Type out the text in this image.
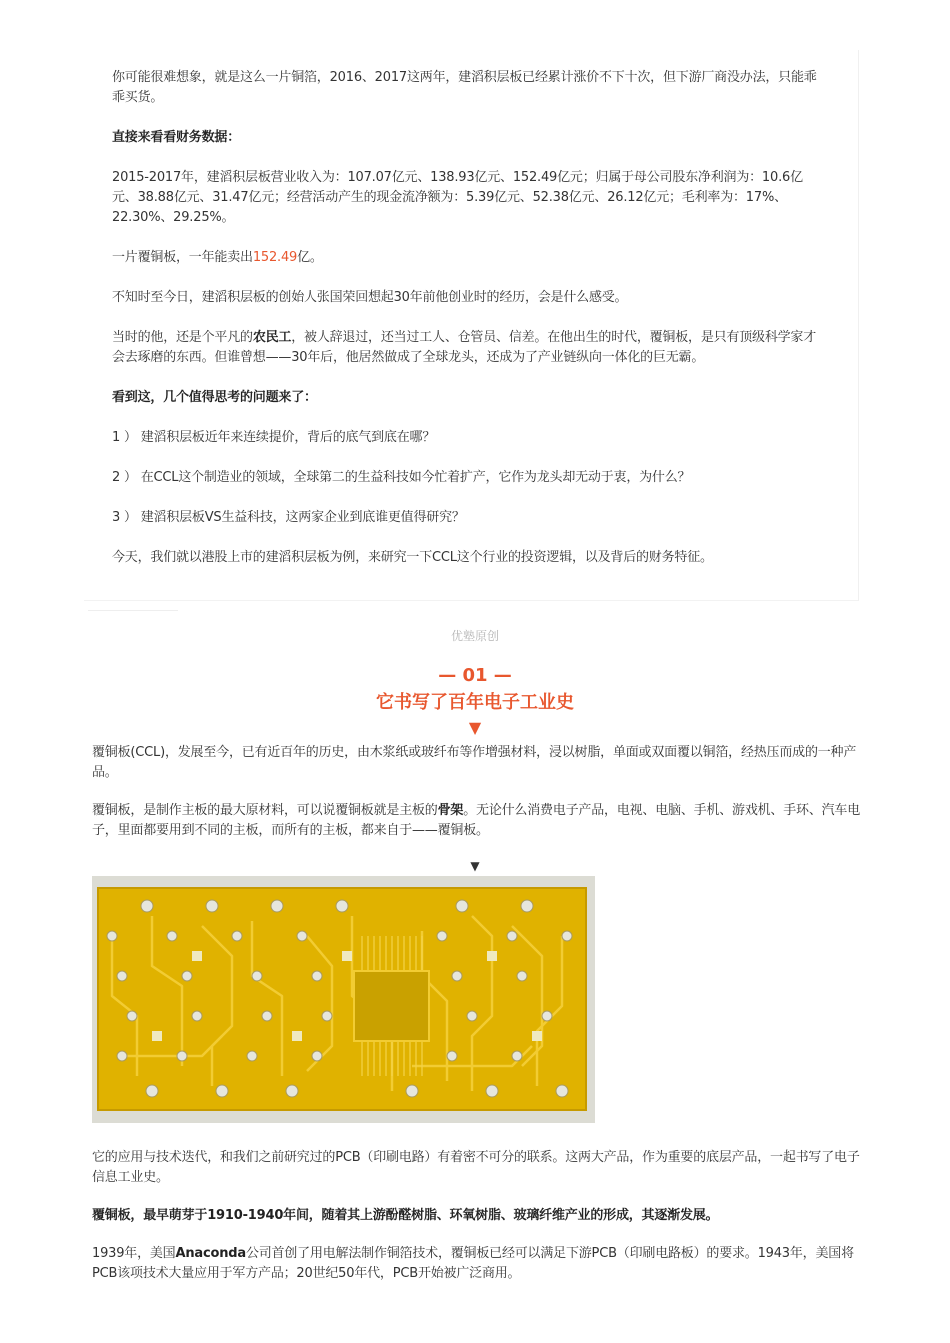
你可能很难想象，就是这么一片铜箔，2016、2017这两年，建滔积层板已经累计涨价不下十次，但下游厂商没办法，只能乖乖买货。

直接来看看财务数据：

2015-2017年，建滔积层板营业收入为：107.07亿元、138.93亿元、152.49亿元；归属于母公司股东净利润为：10.6亿元、38.88亿元、31.47亿元；经营活动产生的现金流净额为：5.39亿元、52.38亿元、26.12亿元；毛利率为：17%、22.30%、29.25%。

一片覆铜板，一年能卖出152.49亿。

不知时至今日，建滔积层板的创始人张国荣回想起30年前他创业时的经历，会是什么感受。

当时的他，还是个平凡的农民工，被人辞退过，还当过工人、仓管员、信差。在他出生的时代，覆铜板，是只有顶级科学家才会去琢磨的东西。但谁曾想——30年后，他居然做成了全球龙头，还成为了产业链纵向一体化的巨无霸。

看到这，几个值得思考的问题来了：

1 ） 建滔积层板近年来连续提价，背后的底气到底在哪？

2 ） 在CCL这个制造业的领域，全球第二的生益科技如今忙着扩产，它作为龙头却无动于衷，为什么？

3 ） 建滔积层板VS生益科技，这两家企业到底谁更值得研究？

今天，我们就以港股上市的建滔积层板为例，来研究一下CCL这个行业的投资逻辑，以及背后的财务特征。

优塾原创
— 01 —
它书写了百年电子工业史
▼

覆铜板(CCL)，发展至今，已有近百年的历史，由木浆纸或玻纤布等作增强材料，浸以树脂，单面或双面覆以铜箔，经热压而成的一种产品。

覆铜板，是制作主板的最大原材料，可以说覆铜板就是主板的骨架。无论什么消费电子产品，电视、电脑、手机、游戏机、手环、汽车电子，里面都要用到不同的主板，而所有的主板，都来自于——覆铜板。

它的应用与技术迭代，和我们之前研究过的PCB（印刷电路）有着密不可分的联系。这两大产品，作为重要的底层产品，一起书写了电子信息工业史。

覆铜板，最早萌芽于1910-1940年间，随着其上游酚醛树脂、环氧树脂、玻璃纤维产业的形成，其逐渐发展。

1939年，美国Anaconda公司首创了用电解法制作铜箔技术，覆铜板已经可以满足下游PCB（印刷电路板）的要求。1943年，美国将PCB该项技术大量应用于军方产品；20世纪50年代，PCB开始被广泛商用。

▼
